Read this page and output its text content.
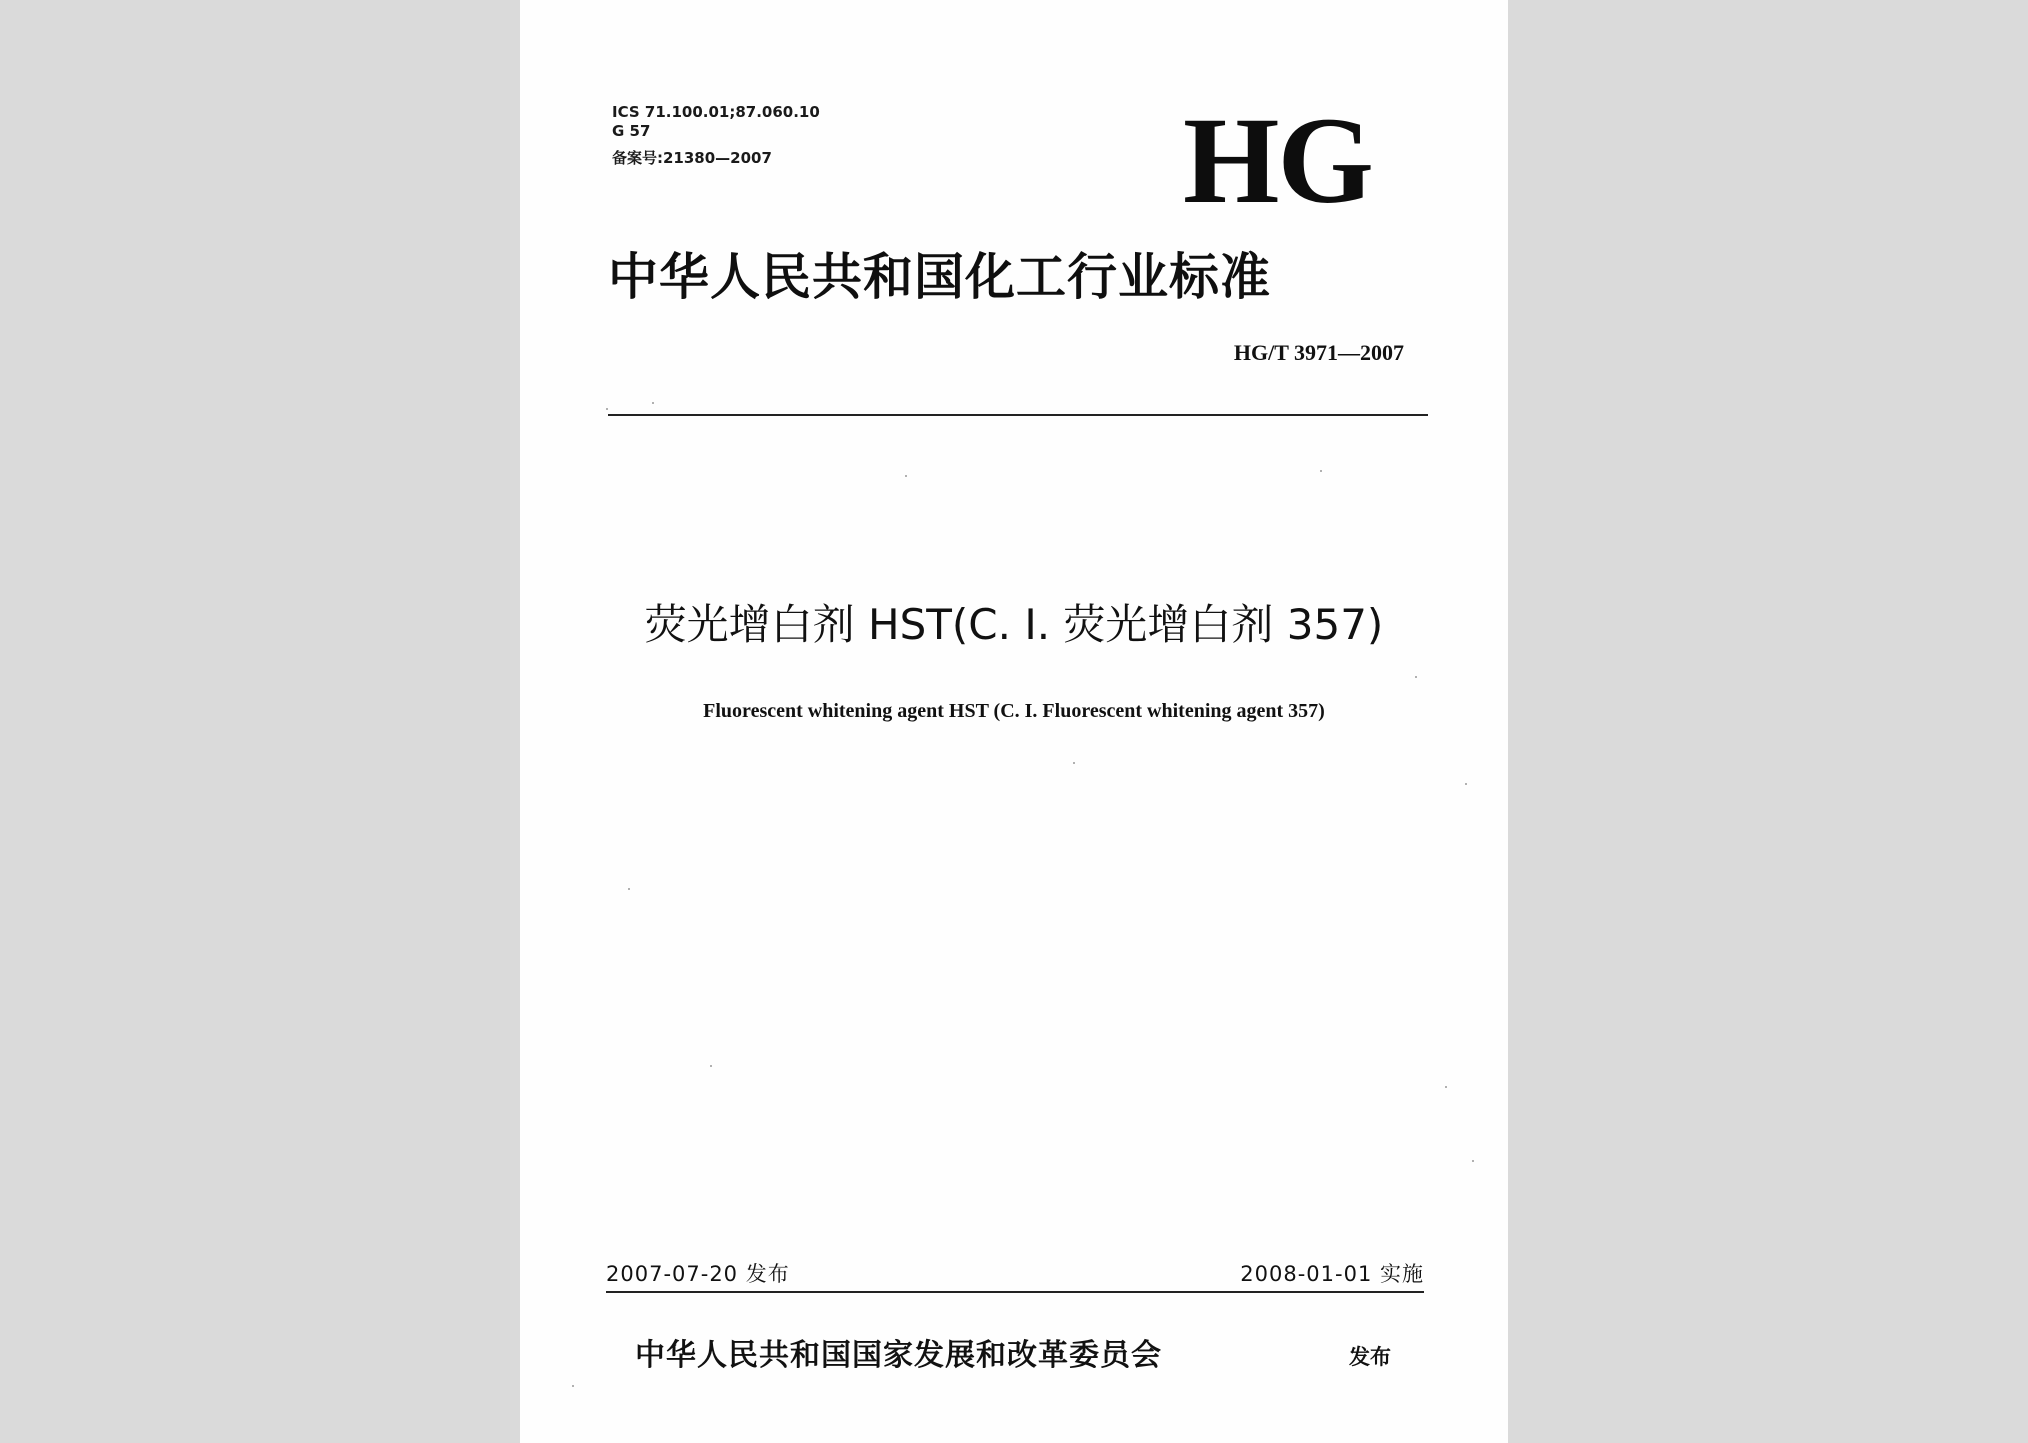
ICS 71.100.01;87.060.10
G 57
备案号:21380—2007	HG
中华人民共和国化工行业标准
HG/T 3971—2007
荧光增白剂 HST(C. I. 荧光增白剂 357)
Fluorescent whitening agent HST (C. I. Fluorescent whitening agent 357)
2007-07-20 发布	2008-01-01 实施
中华人民共和国国家发展和改革委员会	发布
